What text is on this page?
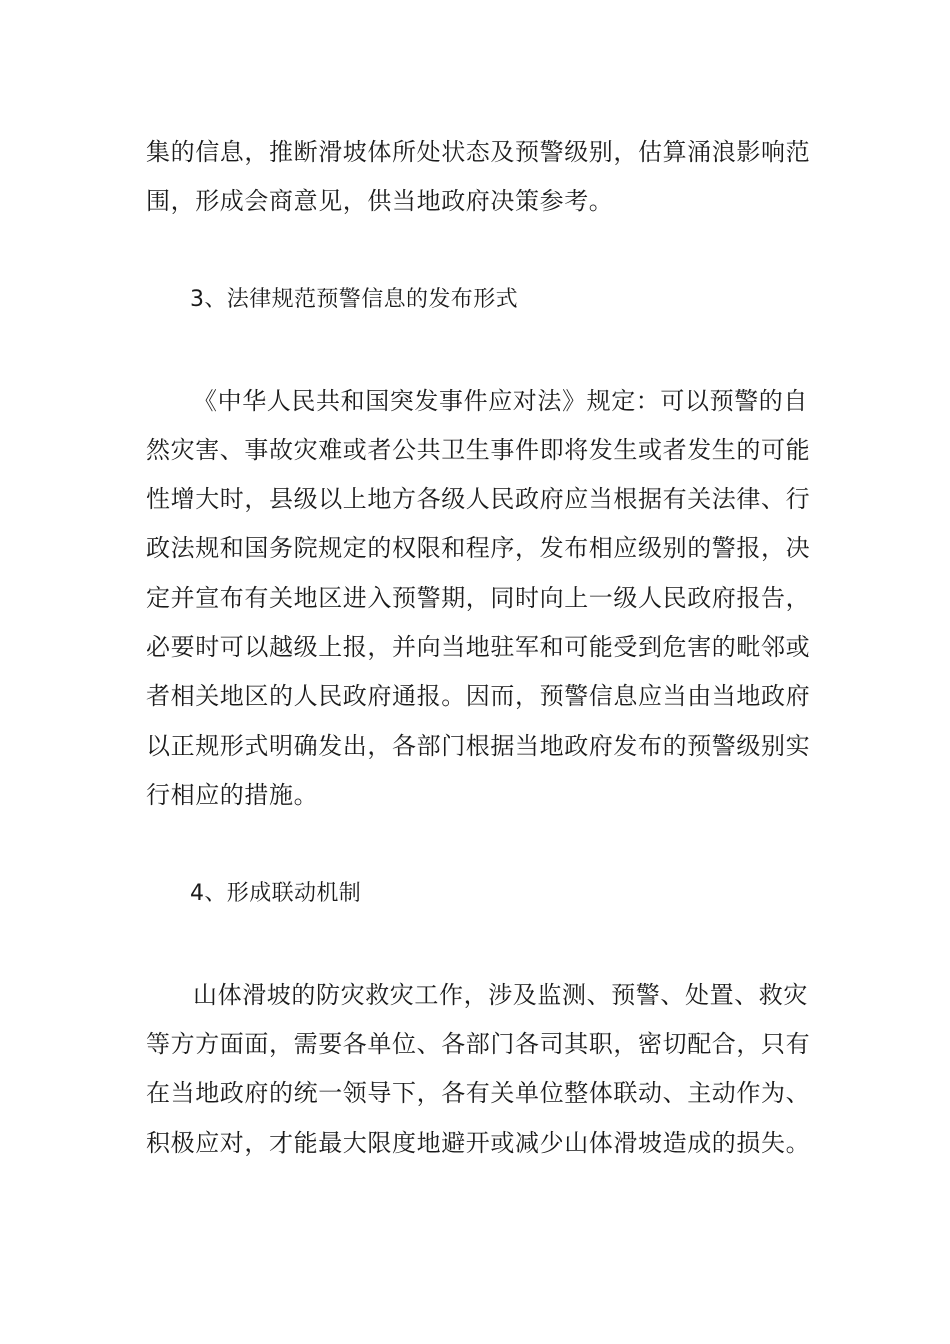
集的信息，推断滑坡体所处状态及预警级别，估算涌浪影响范
围，形成会商意见，供当地政府决策参考。
3、法律规范预警信息的发布形式
《中华人民共和国突发事件应对法》规定：可以预警的自
然灾害、事故灾难或者公共卫生事件即将发生或者发生的可能
性增大时，县级以上地方各级人民政府应当根据有关法律、行
政法规和国务院规定的权限和程序，发布相应级别的警报，决
定并宣布有关地区进入预警期，同时向上一级人民政府报告，
必要时可以越级上报，并向当地驻军和可能受到危害的毗邻或
者相关地区的人民政府通报。因而，预警信息应当由当地政府
以正规形式明确发出，各部门根据当地政府发布的预警级别实
行相应的措施。
4、形成联动机制
山体滑坡的防灾救灾工作，涉及监测、预警、处置、救灾
等方方面面，需要各单位、各部门各司其职，密切配合，只有
在当地政府的统一领导下，各有关单位整体联动、主动作为、
积极应对，才能最大限度地避开或减少山体滑坡造成的损失。
